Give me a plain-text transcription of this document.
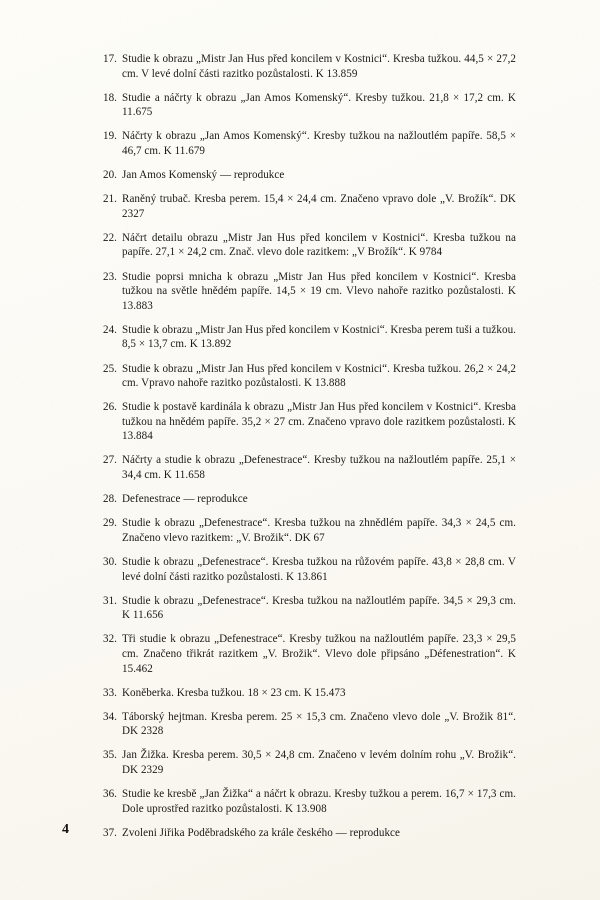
17. Studie k obrazu „Mistr Jan Hus před koncilem v Kostnici“. Kresba tužkou. 44,5 × 27,2 cm. V levé dolní části razitko pozůstalosti. K 13.859
18. Studie a náčrty k obrazu „Jan Amos Komenský“. Kresby tužkou. 21,8 × 17,2 cm. K 11.675
19. Náčrty k obrazu „Jan Amos Komenský“. Kresby tužkou na nažloutlém papíře. 58,5 × 46,7 cm. K 11.679
20. Jan Amos Komenský — reprodukce
21. Raněný trubač. Kresba perem. 15,4 × 24,4 cm. Značeno vpravo dole „V. Brožík“. DK 2327
22. Náčrt detailu obrazu „Mistr Jan Hus před koncilem v Kostnici“. Kresba tužkou na papíře. 27,1 × 24,2 cm. Znač. vlevo dole razitkem: „V Brožík“. K 9784
23. Studie poprsi mnicha k obrazu „Mistr Jan Hus před koncilem v Kostnici“. Kresba tužkou na světle hnědém papíře. 14,5 × 19 cm. Vlevo nahoře razitko pozůstalosti. K 13.883
24. Studie k obrazu „Mistr Jan Hus před koncilem v Kostnici“. Kresba perem tuši a tužkou. 8,5 × 13,7 cm. K 13.892
25. Studie k obrazu „Mistr Jan Hus před koncilem v Kostnici“. Kresba tužkou. 26,2 × 24,2 cm. Vpravo nahoře razitko pozůstalosti. K 13.888
26. Studie k postavě kardinála k obrazu „Mistr Jan Hus před koncilem v Kostnici“. Kresba tužkou na hnědém papíře. 35,2 × 27 cm. Značeno vpravo dole razitkem pozůstalosti. K 13.884
27. Náčrty a studie k obrazu „Defenestrace“. Kresby tužkou na nažloutlém papíře. 25,1 × 34,4 cm. K 11.658
28. Defenestrace — reprodukce
29. Studie k obrazu „Defenestrace“. Kresba tužkou na zhnědlém papíře. 34,3 × 24,5 cm. Značeno vlevo razitkem: „V. Brožik“. DK 67
30. Studie k obrazu „Defenestrace“. Kresba tužkou na růžovém papíře. 43,8 × 28,8 cm. V levé dolní části razitko pozůstalosti. K 13.861
31. Studie k obrazu „Defenestrace“. Kresba tužkou na nažloutlém papíře. 34,5 × 29,3 cm. K 11.656
32. Tři studie k obrazu „Defenestrace“. Kresby tužkou na nažloutlém papíře. 23,3 × 29,5 cm. Značeno třikrát razitkem „V. Brožik“. Vlevo dole připsáno „Défenestration“. K 15.462
33. Koněberka. Kresba tužkou. 18 × 23 cm. K 15.473
34. Táborský hejtman. Kresba perem. 25 × 15,3 cm. Značeno vlevo dole „V. Brožik 81“. DK 2328
35. Jan Žižka. Kresba perem. 30,5 × 24,8 cm. Značeno v levém dolním rohu „V. Brožik“. DK 2329
36. Studie ke kresbě „Jan Žižka“ a náčrt k obrazu. Kresby tužkou a perem. 16,7 × 17,3 cm. Dole uprostřed razitko pozůstalosti. K 13.908
37. Zvoleni Jiřika Poděbradského za krále českého — reprodukce
4
